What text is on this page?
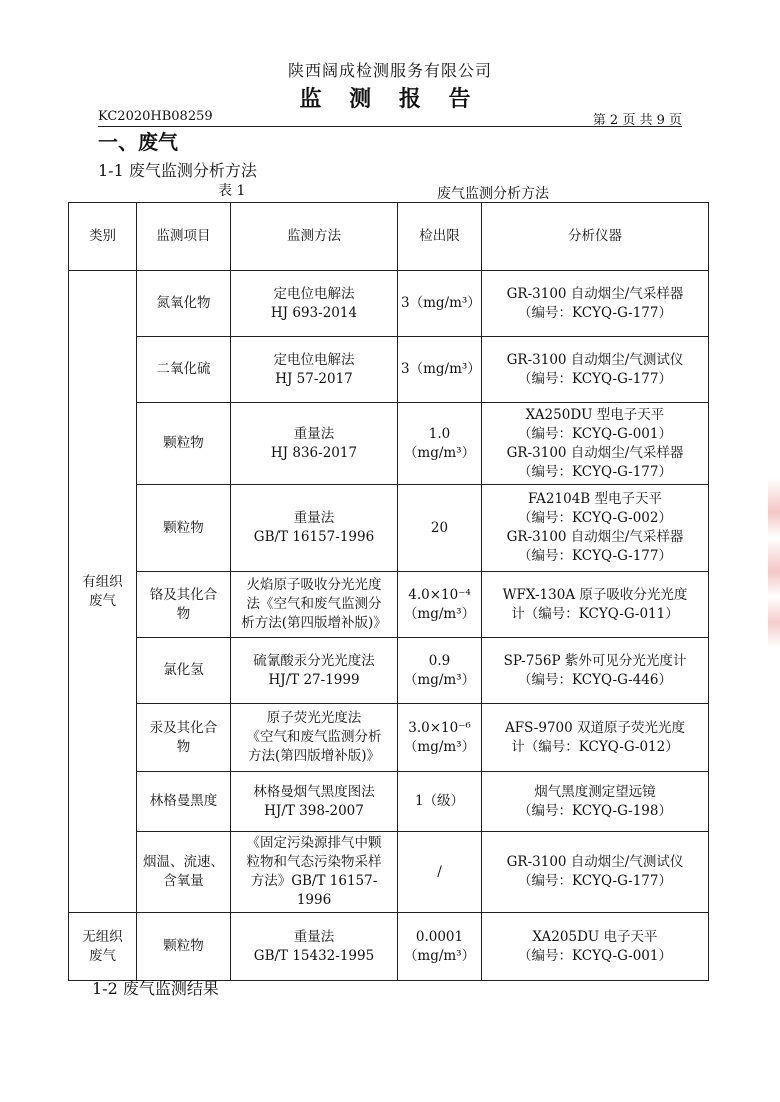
陕西阔成检测服务有限公司
监 测 报 告
KC2020HB08259	第 2 页 共 9 页
一、废气
1-1 废气监测分析方法
表 1	废气监测分析方法
类别	监测项目	监测方法	检出限	分析仪器

有组织
废气	氮氧化物	定电位电解法
HJ 693-2014	3（mg/m³）	GR-3100 自动烟尘/气采样器
（编号：KCYQ-G-177）

	二氧化硫	定电位电解法
HJ 57-2017	3（mg/m³）	GR-3100 自动烟尘/气测试仪
（编号：KCYQ-G-177）

	颗粒物	重量法
HJ 836-2017	1.0
（mg/m³）	XA250DU 型电子天平
（编号：KCYQ-G-001）
GR-3100 自动烟尘/气采样器
（编号：KCYQ-G-177）

	颗粒物	重量法
GB/T 16157-1996	20	FA2104B 型电子天平
（编号：KCYQ-G-002）
GR-3100 自动烟尘/气采样器
（编号：KCYQ-G-177）

	铬及其化合
物	火焰原子吸收分光光度
法《空气和废气监测分
析方法(第四版增补版)》	4.0×10⁻⁴
（mg/m³）	WFX-130A 原子吸收分光光度
计（编号：KCYQ-G-011）

	氯化氢	硫氰酸汞分光光度法
HJ/T 27-1999	0.9
（mg/m³）	SP-756P 紫外可见分光光度计
（编号：KCYQ-G-446）

	汞及其化合
物	原子荧光光度法
《空气和废气监测分析
方法(第四版增补版)》	3.0×10⁻⁶
（mg/m³）	AFS-9700 双道原子荧光光度
计（编号：KCYQ-G-012）

	林格曼黑度	林格曼烟气黑度图法
HJ/T 398-2007	1（级）	烟气黑度测定望远镜
（编号：KCYQ-G-198）

	烟温、流速、
含氧量	《固定污染源排气中颗
粒物和气态污染物采样
方法》GB/T 16157-1996	/	GR-3100 自动烟尘/气测试仪
（编号：KCYQ-G-177）

无组织
废气	颗粒物	重量法
GB/T 15432-1995	0.0001
（mg/m³）	XA205DU 电子天平
（编号：KCYQ-G-001）
1-2 废气监测结果
